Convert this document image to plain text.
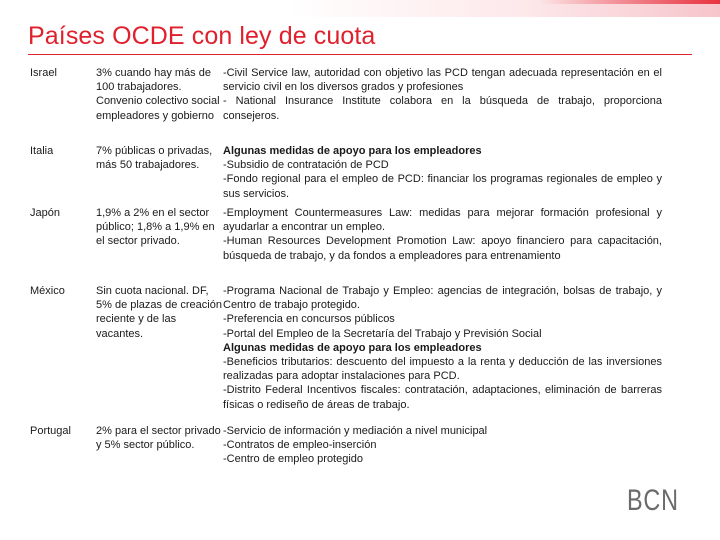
Países OCDE con ley de cuota
Israel	3% cuando hay más de 100 trabajadores. Convenio colectivo social empleadores y gobierno
-Civil Service law, autoridad con objetivo las PCD tengan adecuada representación en el servicio civil en los diversos grados y profesiones
- National Insurance Institute colabora en la búsqueda de trabajo, proporciona consejeros.
Italia	7% públicas o privadas, más 50 trabajadores.
Algunas medidas de apoyo para los empleadores
-Subsidio de contratación de PCD
-Fondo regional para el empleo de PCD: financiar los programas regionales de empleo y sus servicios.
Japón	1,9% a 2% en el sector público; 1,8% a 1,9% en el sector privado.
-Employment Countermeasures Law: medidas para mejorar formación profesional y ayudarlar a encontrar un empleo.
-Human Resources Development Promotion Law: apoyo financiero para capacitación, búsqueda de trabajo, y da fondos a empleadores para entrenamiento
México	Sin cuota nacional. DF, 5% de plazas de creación reciente y de las vacantes.
-Programa Nacional de Trabajo y Empleo: agencias de integración, bolsas de trabajo, y Centro de trabajo protegido.
-Preferencia en concursos públicos
-Portal del Empleo de la Secretaría del Trabajo y Previsión Social
Algunas medidas de apoyo para los empleadores
-Beneficios tributarios: descuento del impuesto a la renta y deducción de las inversiones realizadas para adoptar instalaciones para PCD.
-Distrito Federal Incentivos fiscales: contratación, adaptaciones, eliminación de barreras físicas o rediseño de áreas de trabajo.
Portugal	2% para el sector privado y 5% sector público.
-Servicio de información y mediación a nivel municipal
-Contratos de empleo-inserción
-Centro de empleo protegido
BCN
